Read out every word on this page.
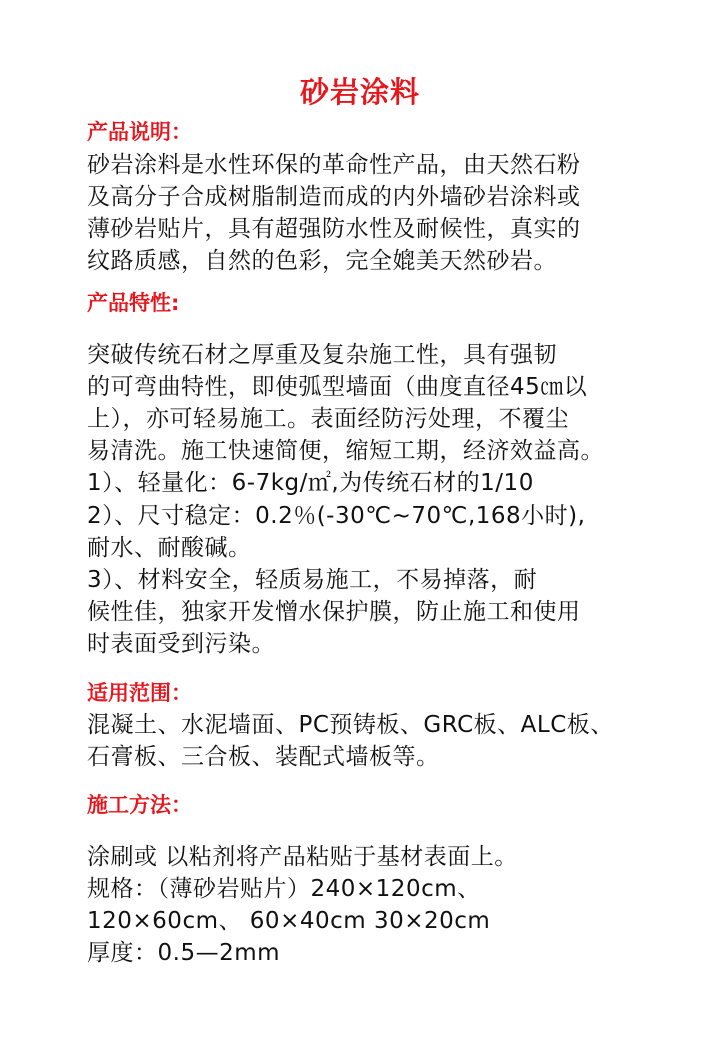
砂岩涂料
产品说明：
砂岩涂料是水性环保的革命性产品，由天然石粉
及高分子合成树脂制造而成的内外墙砂岩涂料或
薄砂岩贴片，具有超强防水性及耐候性，真实的
纹路质感，自然的色彩，完全媲美天然砂岩。
产品特性:
突破传统石材之厚重及复杂施工性，具有强韧
的可弯曲特性，即使弧型墙面（曲度直径45㎝以
上），亦可轻易施工。表面经防污处理，不覆尘
易清洗。施工快速简便，缩短工期，经济效益高。
1）、轻量化：6-7kg/㎡,为传统石材的1/10
2）、尺寸稳定：0.2％(-30℃~70℃,168小时),
耐水、耐酸碱。
3）、材料安全，轻质易施工，不易掉落，耐
候性佳，独家开发憎水保护膜，防止施工和使用
时表面受到污染。
适用范围：
混凝土、水泥墙面、PC预铸板、GRC板、ALC板、
石膏板、三合板、装配式墙板等。
施工方法：
涂刷或 以粘剂将产品粘贴于基材表面上。
规格：（薄砂岩贴片）240×120cm、
120×60cm、 60×40cm 30×20cm
厚度：0.5—2mm
